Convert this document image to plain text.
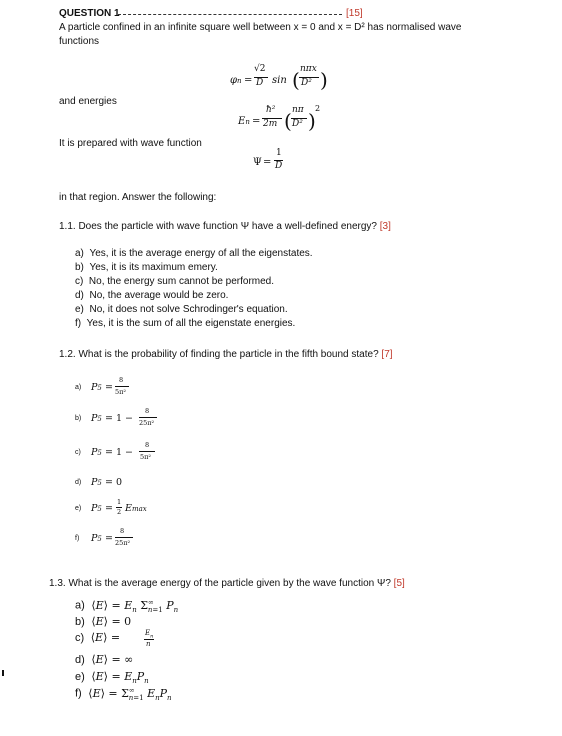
QUESTION 1	[15]
A particle confined in an infinite square well between x = 0 and x = D² has normalised wave
functions
φn =
√2
D sin ( nπx
D² )
and energies
En =
ħ²
2m ( nπ
D² )
2
It is prepared with wave function
Ψ =
1
D
in that region. Answer the following:
1.1. Does the particle with wave function Ψ have a well-defined energy? [3]
a) Yes, it is the average energy of all the eigenstates.
b) Yes, it is its maximum emery.
c) No, the energy sum cannot be performed.
d) No, the average would be zero.
e) No, it does not solve Schrodinger's equation.
f) Yes, it is the sum of all the eigenstate energies.
1.2. What is the probability of finding the particle in the fifth bound state? [7]
a) P5 =
8
5π²
b) P5 = 1 −
8
25π²
c) P5 = 1 −
8
5π²
d) P5 = 0
e) P5 =
1
2 Emax
f) P5 =
8
25π²
1.3. What is the average energy of the particle given by the wave function Ψ? [5]
a)  ⟨E⟩ = $E_n$ $\Sigma^\infty_{n=1}$ $P_n$
b)  ⟨E⟩ = 0
c)  ⟨E⟩ =	$E_n$
n
d)  ⟨E⟩ = ∞
e)  ⟨E⟩ = $E_nP_n$
f)  ⟨E⟩ = $\Sigma^\infty_{n=1}$ $E_nP_n$
